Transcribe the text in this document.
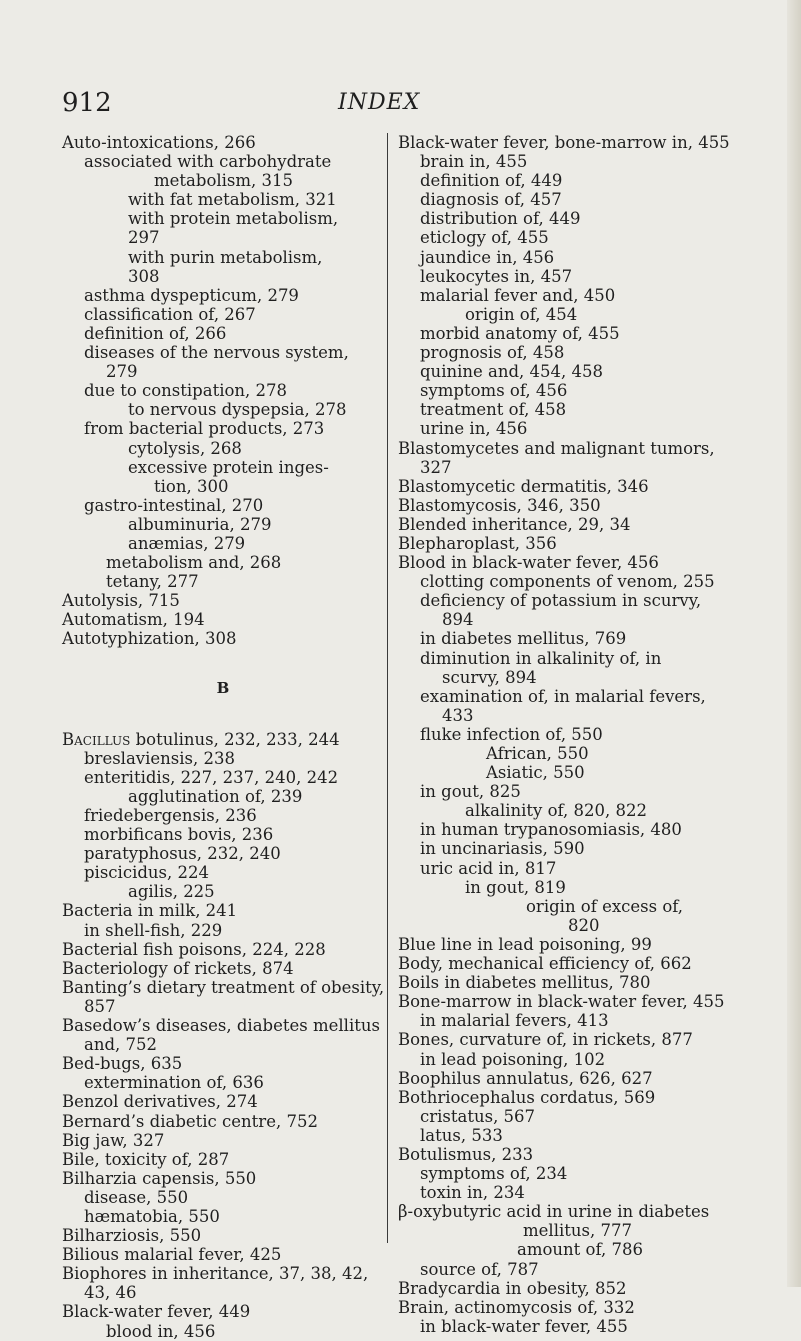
912	INDEX
Auto-intoxications, 266
associated with carbohydrate
metabolism, 315
with fat metabolism, 321
with protein metabolism,
297
with purin metabolism,
308
asthma dyspepticum, 279
classification of, 267
definition of, 266
diseases of the nervous system,
279
due to constipation, 278
to nervous dyspepsia, 278
from bacterial products, 273
cytolysis, 268
excessive protein inges-
tion, 300
gastro-intestinal, 270
albuminuria, 279
anæmias, 279
metabolism and, 268
tetany, 277
Autolysis, 715
Automatism, 194
Autotyphization, 308
B
Bacillus botulinus, 232, 233, 244
breslaviensis, 238
enteritidis, 227, 237, 240, 242
agglutination of, 239
friedebergensis, 236
morbificans bovis, 236
paratyphosus, 232, 240
piscicidus, 224
agilis, 225
Bacteria in milk, 241
in shell-fish, 229
Bacterial fish poisons, 224, 228
Bacteriology of rickets, 874
Banting’s dietary treatment of obesity,
857
Basedow’s diseases, diabetes mellitus
and, 752
Bed-bugs, 635
extermination of, 636
Benzol derivatives, 274
Bernard’s diabetic centre, 752
Big jaw, 327
Bile, toxicity of, 287
Bilharzia capensis, 550
disease, 550
hæmatobia, 550
Bilharziosis, 550
Bilious malarial fever, 425
Biophores in inheritance, 37, 38, 42,
43, 46
Black-water fever, 449
blood in, 456
Black-water fever, bone-marrow in, 455
brain in, 455
definition of, 449
diagnosis of, 457
distribution of, 449
eticlogy of, 455
jaundice in, 456
leukocytes in, 457
malarial fever and, 450
origin of, 454
morbid anatomy of, 455
prognosis of, 458
quinine and, 454, 458
symptoms of, 456
treatment of, 458
urine in, 456
Blastomycetes and malignant tumors,
327
Blastomycetic dermatitis, 346
Blastomycosis, 346, 350
Blended inheritance, 29, 34
Blepharoplast, 356
Blood in black-water fever, 456
clotting components of venom, 255
deficiency of potassium in scurvy,
894
in diabetes mellitus, 769
diminution in alkalinity of, in
scurvy, 894
examination of, in malarial fevers,
433
fluke infection of, 550
African, 550
Asiatic, 550
in gout, 825
alkalinity of, 820, 822
in human trypanosomiasis, 480
in uncinariasis, 590
uric acid in, 817
in gout, 819
origin of excess of,
820
Blue line in lead poisoning, 99
Body, mechanical efficiency of, 662
Boils in diabetes mellitus, 780
Bone-marrow in black-water fever, 455
in malarial fevers, 413
Bones, curvature of, in rickets, 877
in lead poisoning, 102
Boophilus annulatus, 626, 627
Bothriocephalus cordatus, 569
cristatus, 567
latus, 533
Botulismus, 233
symptoms of, 234
toxin in, 234
β-oxybutyric acid in urine in diabetes
mellitus, 777
amount of, 786
source of, 787
Bradycardia in obesity, 852
Brain, actinomycosis of, 332
in black-water fever, 455
